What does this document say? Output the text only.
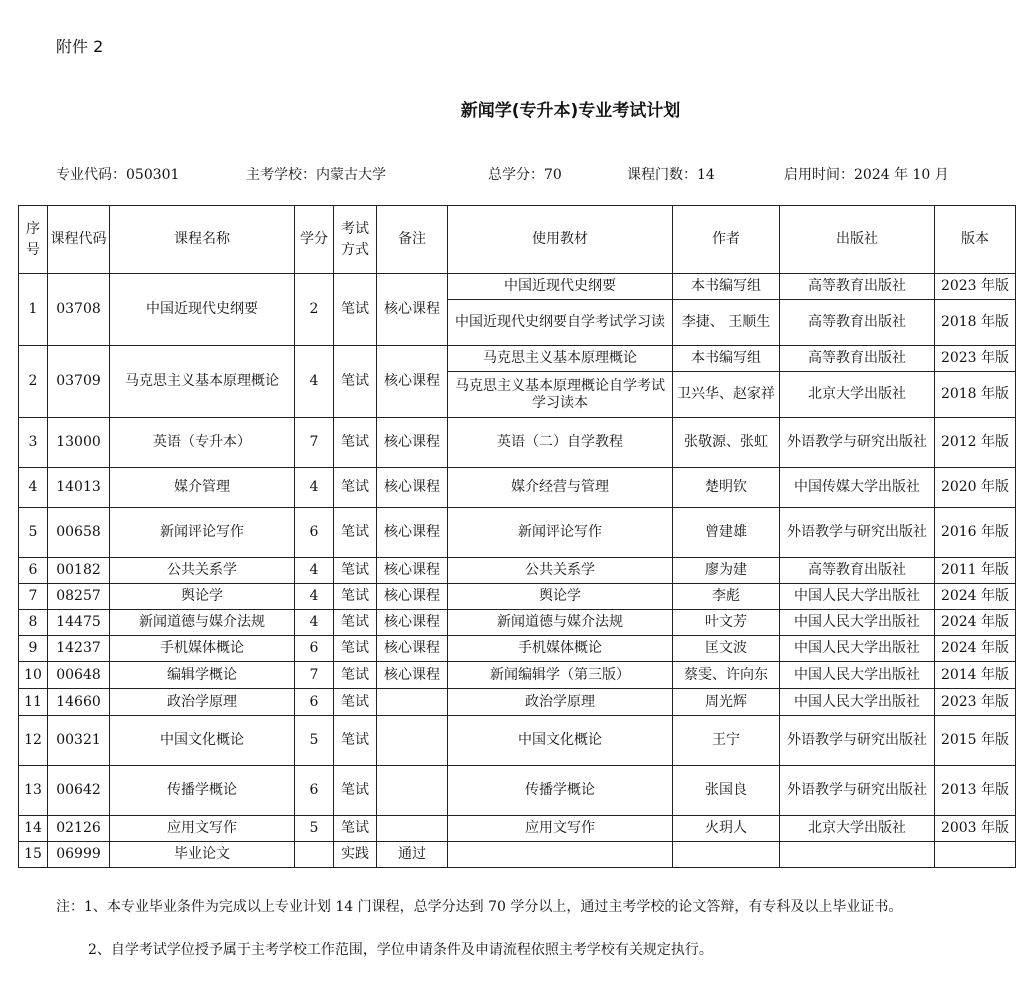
附件 2
新闻学(专升本)专业考试计划
专业代码：050301	主考学校：内蒙古大学	总学分：70	课程门数：14	启用时间：2024 年 10 月
序号	课程代码	课程名称	学分	考试方式	备注	使用教材	作者	出版社	版本
1	03708	中国近现代史纲要	2	笔试	核心课程	中国近现代史纲要	本书编写组	高等教育出版社	2023 年版
						中国近现代史纲要自学考试学习读	李捷、 王顺生	高等教育出版社	2018 年版
2	03709	马克思主义基本原理概论	4	笔试	核心课程	马克思主义基本原理概论	本书编写组	高等教育出版社	2023 年版
						马克思主义基本原理概论自学考试学习读本	卫兴华、赵家祥	北京大学出版社	2018 年版
3	13000	英语（专升本）	7	笔试	核心课程	英语（二）自学教程	张敬源、张虹	外语教学与研究出版社	2012 年版
4	14013	媒介管理	4	笔试	核心课程	媒介经营与管理	楚明钦	中国传媒大学出版社	2020 年版
5	00658	新闻评论写作	6	笔试	核心课程	新闻评论写作	曾建雄	外语教学与研究出版社	2016 年版
6	00182	公共关系学	4	笔试	核心课程	公共关系学	廖为建	高等教育出版社	2011 年版
7	08257	舆论学	4	笔试	核心课程	舆论学	李彪	中国人民大学出版社	2024 年版
8	14475	新闻道德与媒介法规	4	笔试	核心课程	新闻道德与媒介法规	叶文芳	中国人民大学出版社	2024 年版
9	14237	手机媒体概论	6	笔试	核心课程	手机媒体概论	匡文波	中国人民大学出版社	2024 年版
10	00648	编辑学概论	7	笔试	核心课程	新闻编辑学（第三版）	蔡雯、许向东	中国人民大学出版社	2014 年版
11	14660	政治学原理	6	笔试		政治学原理	周光辉	中国人民大学出版社	2023 年版
12	00321	中国文化概论	5	笔试		中国文化概论	王宁	外语教学与研究出版社	2015 年版
13	00642	传播学概论	6	笔试		传播学概论	张国良	外语教学与研究出版社	2013 年版
14	02126	应用文写作	5	笔试		应用文写作	火玥人	北京大学出版社	2003 年版
15	06999	毕业论文		实践	通过				
注：1、本专业毕业条件为完成以上专业计划 14 门课程，总学分达到 70 学分以上，通过主考学校的论文答辩，有专科及以上毕业证书。
2、自学考试学位授予属于主考学校工作范围，学位申请条件及申请流程依照主考学校有关规定执行。
